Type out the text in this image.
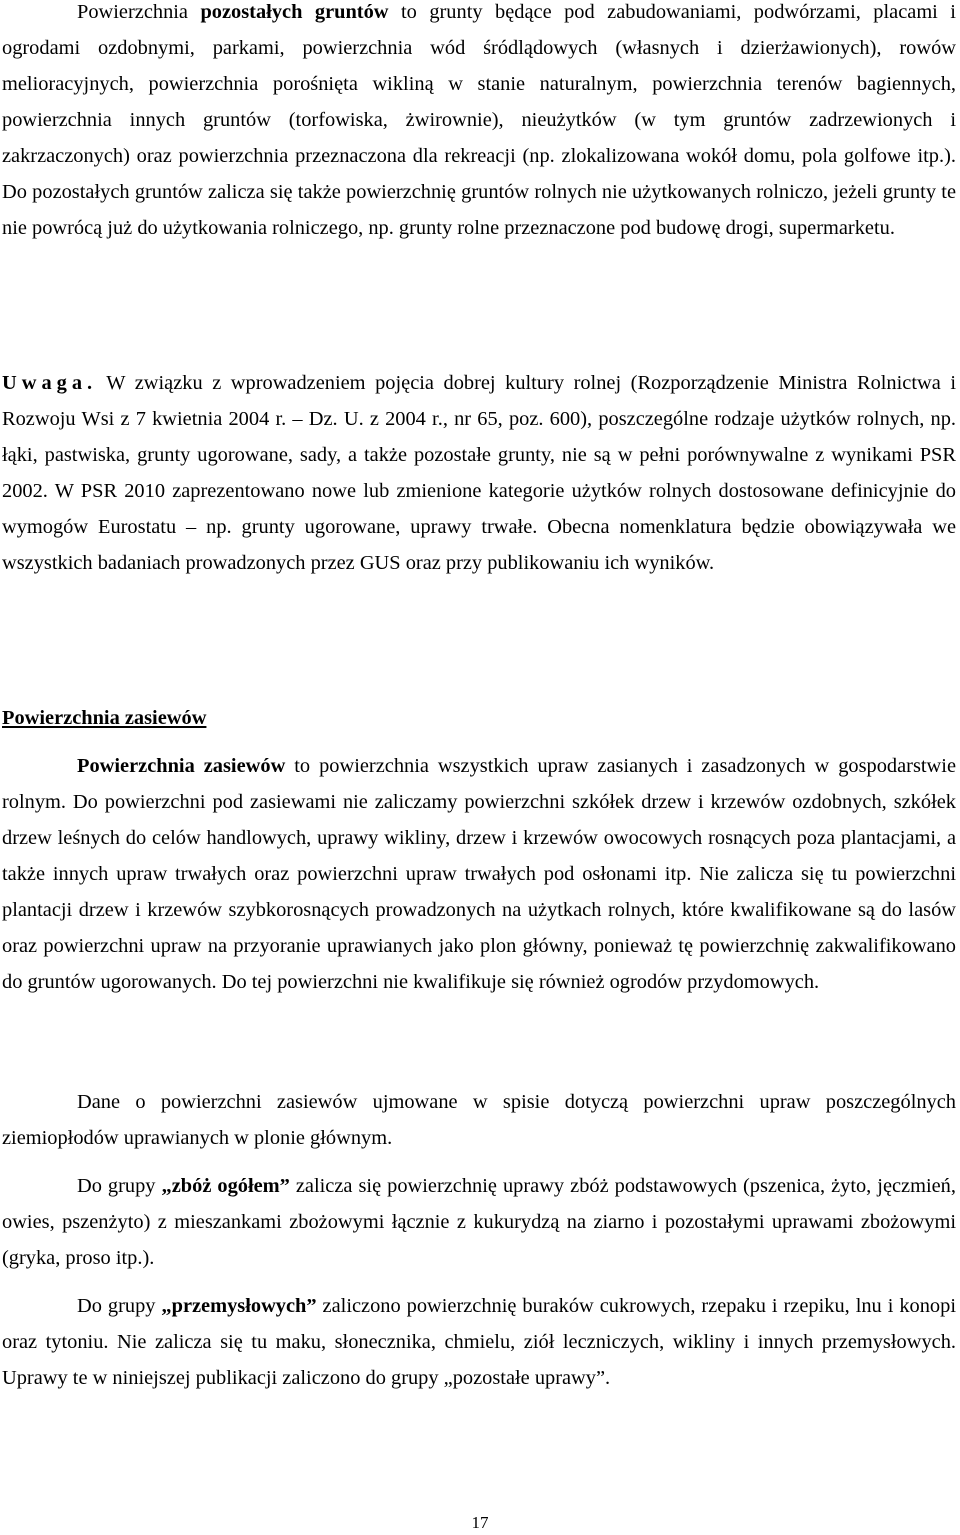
Powierzchnia pozostałych gruntów to grunty będące pod zabudowaniami, podwórzami, placami i ogrodami ozdobnymi, parkami, powierzchnia wód śródlądowych (własnych i dzierżawionych), rowów melioracyjnych, powierzchnia porośnięta wikliną w stanie naturalnym, powierzchnia terenów bagiennych, powierzchnia innych gruntów (torfowiska, żwirownie), nieużytków (w tym gruntów zadrzewionych i zakrzaczonych) oraz powierzchnia przeznaczona dla rekreacji (np. zlokalizowana wokół domu, pola golfowe itp.). Do pozostałych gruntów zalicza się także powierzchnię gruntów rolnych nie użytkowanych rolniczo, jeżeli grunty te nie powrócą już do użytkowania rolniczego, np. grunty rolne przeznaczone pod budowę drogi, supermarketu.

Uwaga. W związku z wprowadzeniem pojęcia dobrej kultury rolnej (Rozporządzenie Ministra Rolnictwa i Rozwoju Wsi z 7 kwietnia 2004 r. – Dz. U. z 2004 r., nr 65, poz. 600), poszczególne rodzaje użytków rolnych, np. łąki, pastwiska, grunty ugorowane, sady, a także pozostałe grunty, nie są w pełni porównywalne z wynikami PSR 2002. W PSR 2010 zaprezentowano nowe lub zmienione kategorie użytków rolnych dostosowane definicyjnie do wymogów Eurostatu – np. grunty ugorowane, uprawy trwałe. Obecna nomenklatura będzie obowiązywała we wszystkich badaniach prowadzonych przez GUS oraz przy publikowaniu ich wyników.

Powierzchnia zasiewów

Powierzchnia zasiewów to powierzchnia wszystkich upraw zasianych i zasadzonych w gospodarstwie rolnym. Do powierzchni pod zasiewami nie zaliczamy powierzchni szkółek drzew i krzewów ozdobnych, szkółek drzew leśnych do celów handlowych, uprawy wikliny, drzew i krzewów owocowych rosnących poza plantacjami, a także innych upraw trwałych oraz powierzchni upraw trwałych pod osłonami itp. Nie zalicza się tu powierzchni plantacji drzew i krzewów szybkorosnących prowadzonych na użytkach rolnych, które kwalifikowane są do lasów oraz powierzchni upraw na przyoranie uprawianych jako plon główny, ponieważ tę powierzchnię zakwalifikowano do gruntów ugorowanych. Do tej powierzchni nie kwalifikuje się również ogrodów przydomowych.

Dane o powierzchni zasiewów ujmowane w spisie dotyczą powierzchni upraw poszczególnych ziemiopłodów uprawianych w plonie głównym.

Do grupy „zbóż ogółem” zalicza się powierzchnię uprawy zbóż podstawowych (pszenica, żyto, jęczmień, owies, pszenżyto) z mieszankami zbożowymi łącznie z kukurydzą na ziarno i pozostałymi uprawami zbożowymi (gryka, proso itp.).

Do grupy „przemysłowych” zaliczono powierzchnię buraków cukrowych, rzepaku i rzepiku, lnu i konopi oraz tytoniu. Nie zalicza się tu maku, słonecznika, chmielu, ziół leczniczych, wikliny i innych przemysłowych. Uprawy te w niniejszej publikacji zaliczono do grupy „pozostałe uprawy”.

17
